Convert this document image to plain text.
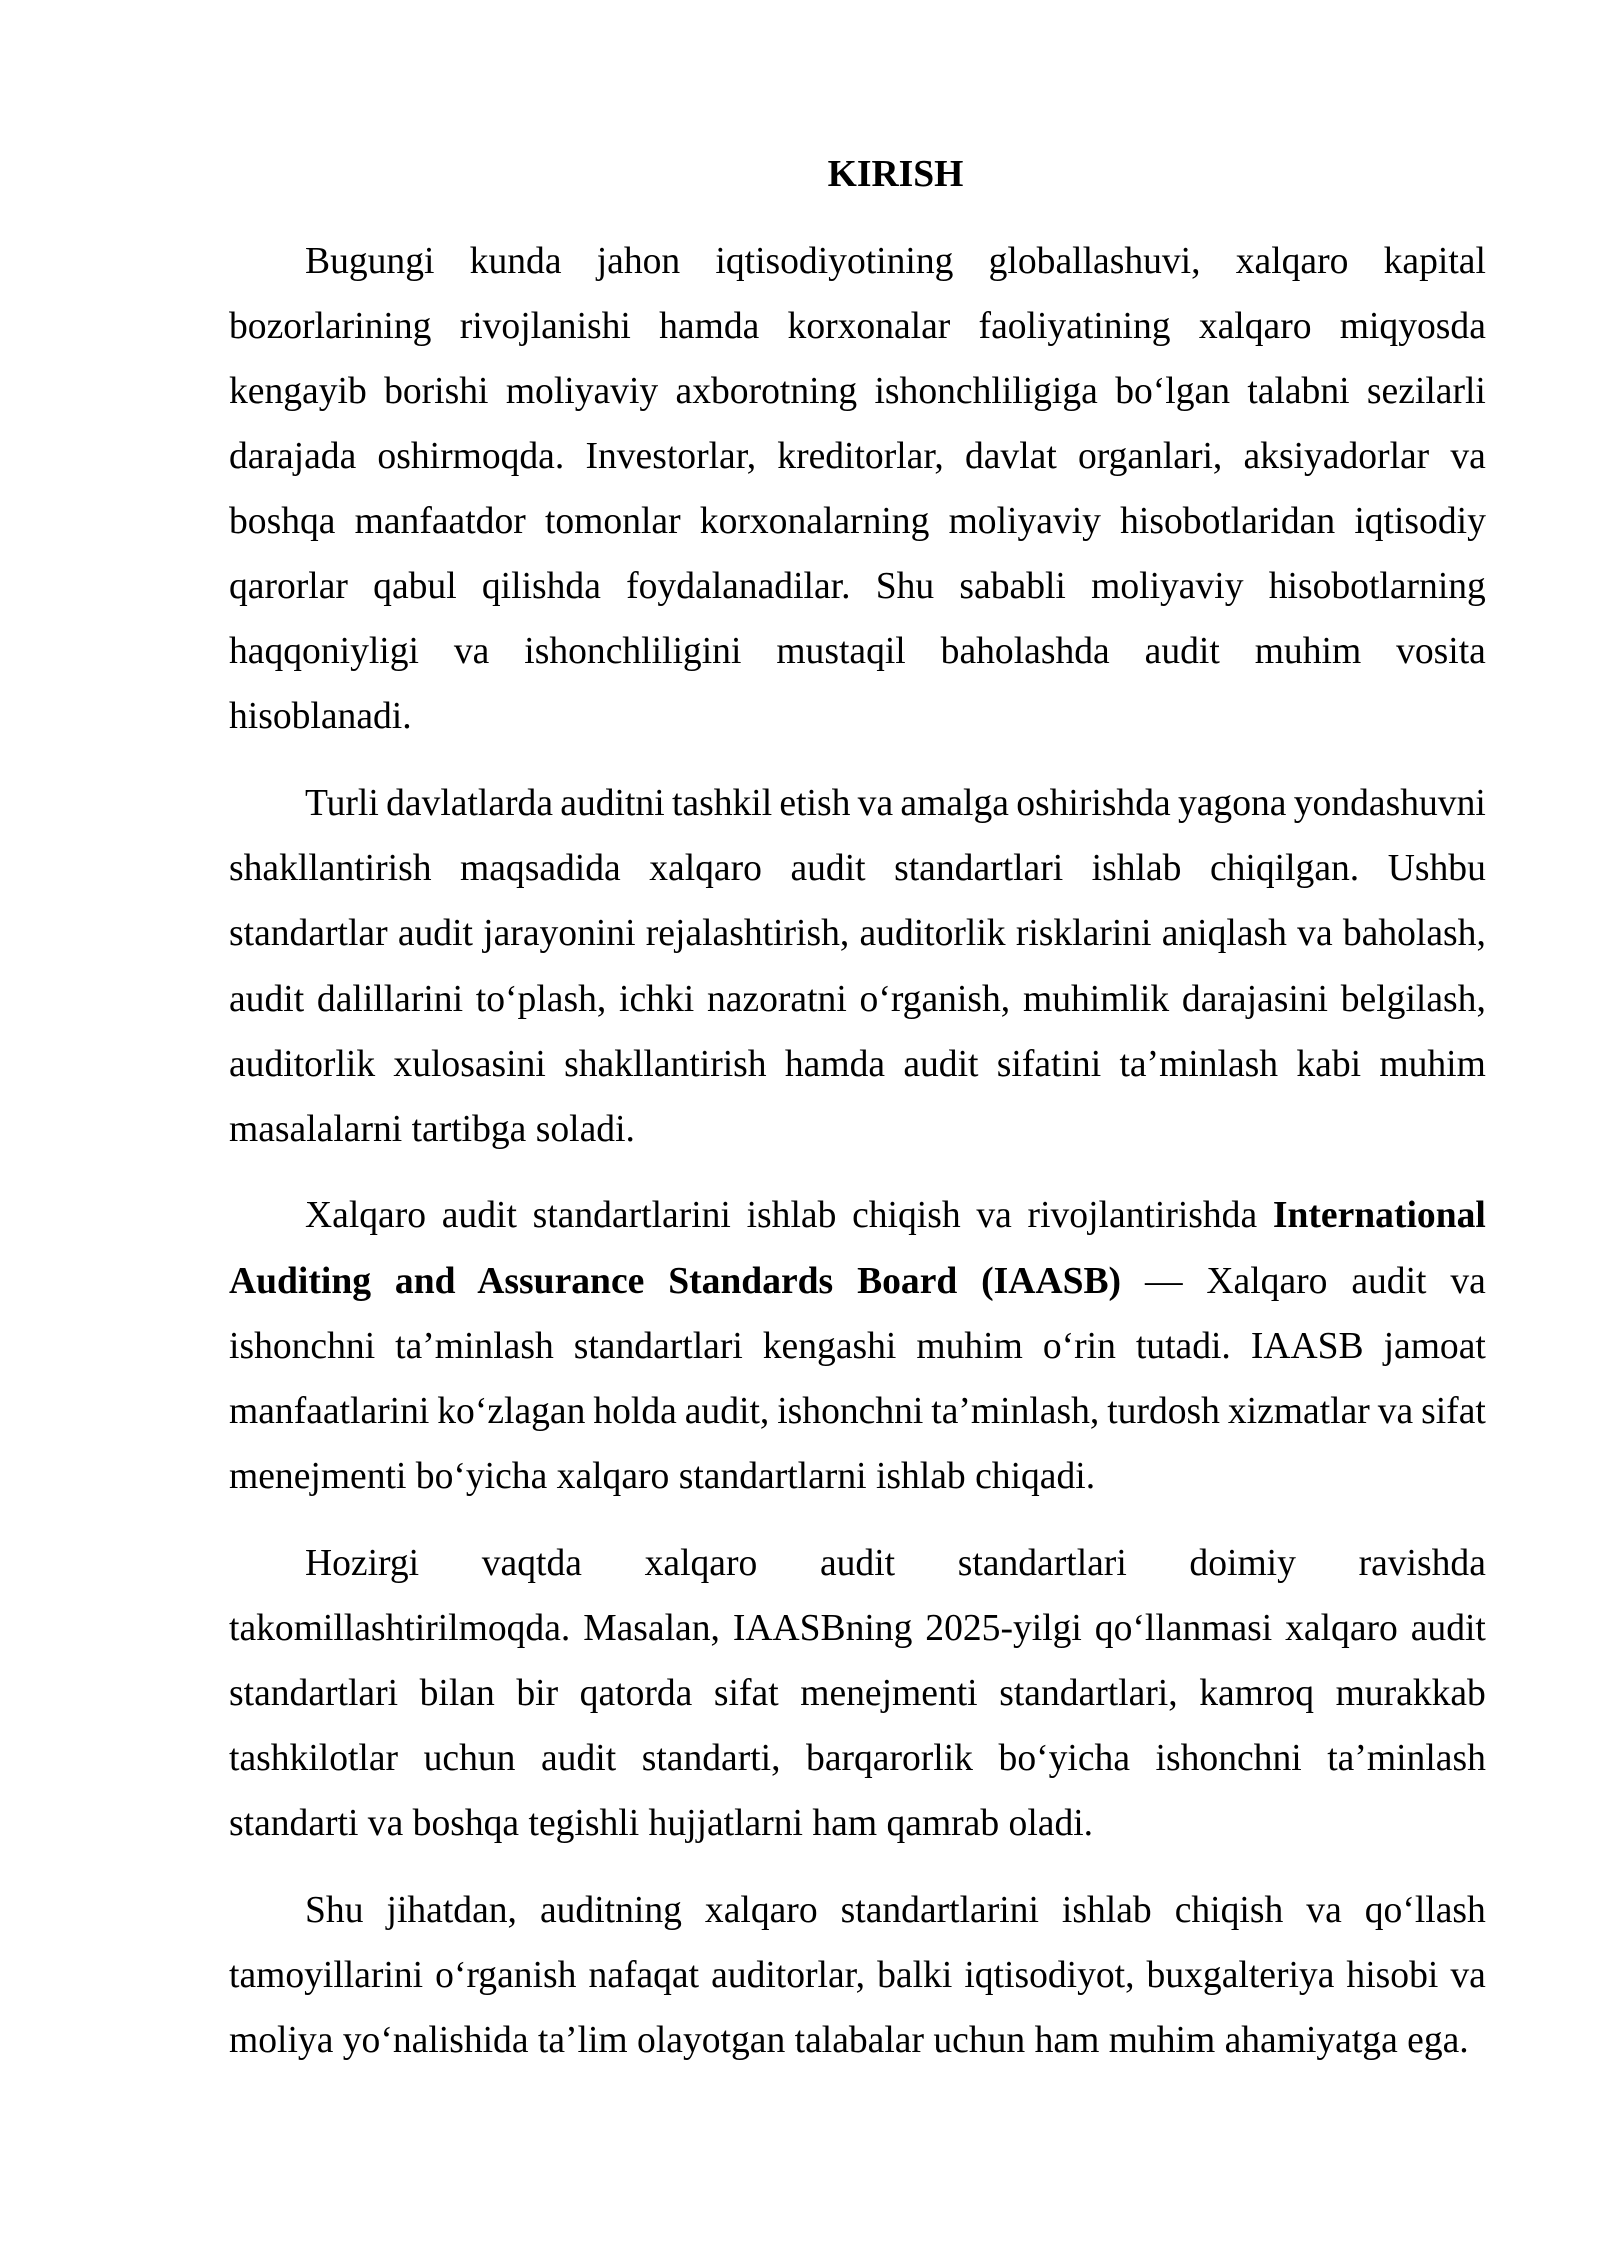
KIRISH
Bugungi kunda jahon iqtisodiyotining globallashuvi, xalqaro kapital
bozorlarining rivojlanishi hamda korxonalar faoliyatining xalqaro miqyosda
kengayib borishi moliyaviy axborotning ishonchliligiga bo‘lgan talabni sezilarli
darajada oshirmoqda. Investorlar, kreditorlar, davlat organlari, aksiyadorlar va
boshqa manfaatdor tomonlar korxonalarning moliyaviy hisobotlaridan iqtisodiy
qarorlar qabul qilishda foydalanadilar. Shu sababli moliyaviy hisobotlarning
haqqoniyligi va ishonchliligini mustaqil baholashda audit muhim vosita
hisoblanadi.
Turli davlatlarda auditni tashkil etish va amalga oshirishda yagona yondashuvni
shakllantirish maqsadida xalqaro audit standartlari ishlab chiqilgan. Ushbu
standartlar audit jarayonini rejalashtirish, auditorlik risklarini aniqlash va baholash,
audit dalillarini to‘plash, ichki nazoratni o‘rganish, muhimlik darajasini belgilash,
auditorlik xulosasini shakllantirish hamda audit sifatini ta’minlash kabi muhim
masalalarni tartibga soladi.
Xalqaro audit standartlarini ishlab chiqish va rivojlantirishda International
Auditing and Assurance Standards Board (IAASB) — Xalqaro audit va
ishonchni ta’minlash standartlari kengashi muhim o‘rin tutadi. IAASB jamoat
manfaatlarini ko‘zlagan holda audit, ishonchni ta’minlash, turdosh xizmatlar va sifat
menejmenti bo‘yicha xalqaro standartlarni ishlab chiqadi.
Hozirgi vaqtda xalqaro audit standartlari doimiy ravishda
takomillashtirilmoqda. Masalan, IAASBning 2025-yilgi qo‘llanmasi xalqaro audit
standartlari bilan bir qatorda sifat menejmenti standartlari, kamroq murakkab
tashkilotlar uchun audit standarti, barqarorlik bo‘yicha ishonchni ta’minlash
standarti va boshqa tegishli hujjatlarni ham qamrab oladi.
Shu jihatdan, auditning xalqaro standartlarini ishlab chiqish va qo‘llash
tamoyillarini o‘rganish nafaqat auditorlar, balki iqtisodiyot, buxgalteriya hisobi va
moliya yo‘nalishida ta’lim olayotgan talabalar uchun ham muhim ahamiyatga ega.
